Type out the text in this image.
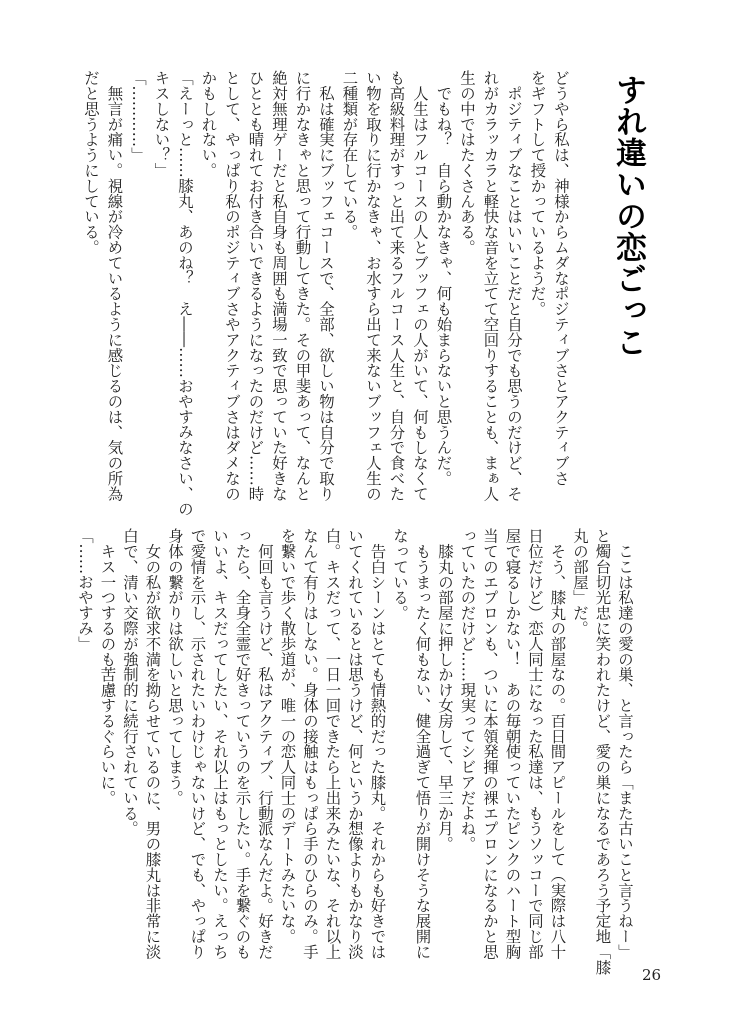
すれ違いの恋ごっこ
どうやら私は、神様からムダなポジティブさとアクティブさ
をギフトして授かっているようだ。
　ポジティブなことはいいことだと自分でも思うのだけど、そ
れがカラッカラと軽快な音を立てて空回りすることも、まぁ人
生の中ではたくさんある。
　でもね？　自ら動かなきゃ、何も始まらないと思うんだ。
　人生はフルコースの人とブッフェの人がいて、何もしなくて
も高級料理がすっと出て来るフルコース人生と、自分で食べた
い物を取りに行かなきゃ、お水すら出て来ないブッフェ人生の
二種類が存在している。
　私は確実にブッフェコースで、全部、欲しい物は自分で取り
に行かなきゃと思って行動してきた。その甲斐あって、なんと
絶対無理ゲーだと私自身も周囲も満場一致で思っていた好きな
ひととも晴れてお付き合いできるようになったのだけど……時
として、やっぱり私のポジティブさやアクティブさはダメなの
かもしれない。
「えーっと……膝丸、あのね？　え――……おやすみなさい、の
キスしない？」
「…………」
　無言が痛い。視線が冷めているように感じるのは、気の所為
だと思うようにしている。
　ここは私達の愛の巣、と言ったら「また古いこと言うねー」
と燭台切光忠に笑われたけど、愛の巣になるであろう予定地「膝
丸の部屋」だ。
　そう、膝丸の部屋なの。百日間アピールをして（実際は八十
日位だけど）恋人同士になった私達は、もうソッコーで同じ部
屋で寝るしかない！　あの毎朝使っていたピンクのハート型胸
当てのエプロンも、ついに本領発揮の裸エプロンになるかと思
っていたのだけど……現実ってシビアだよね。
　膝丸の部屋に押しかけ女房して、早三か月。
　もうまったく何もない、健全過ぎて悟りが開けそうな展開に
なっている。
　告白シーンはとても情熱的だった膝丸。それからも好きでは
いてくれているとは思うけど、何というか想像よりもかなり淡
白。キスだって、一日一回できたら上出来みたいな、それ以上
なんて有りはしない。身体の接触はもっぱら手のひらのみ。手
を繋いで歩く散歩道が、唯一の恋人同士のデートみたいな。
　何回も言うけど、私はアクティブ、行動派なんだよ。好きだ
ったら、全身全霊で好きっていうのを示したい。手を繋ぐのも
いいよ、キスだってしたい、それ以上はもっとしたい。えっち
で愛情を示し、示されたいわけじゃないけど、でも、やっぱり
身体の繋がりは欲しいと思ってしまう。
　女の私が欲求不満を拗らせているのに、男の膝丸は非常に淡
白で、清い交際が強制的に続行されている。
　キス一つするのも苦慮するぐらいに。
「……おやすみ」
26
